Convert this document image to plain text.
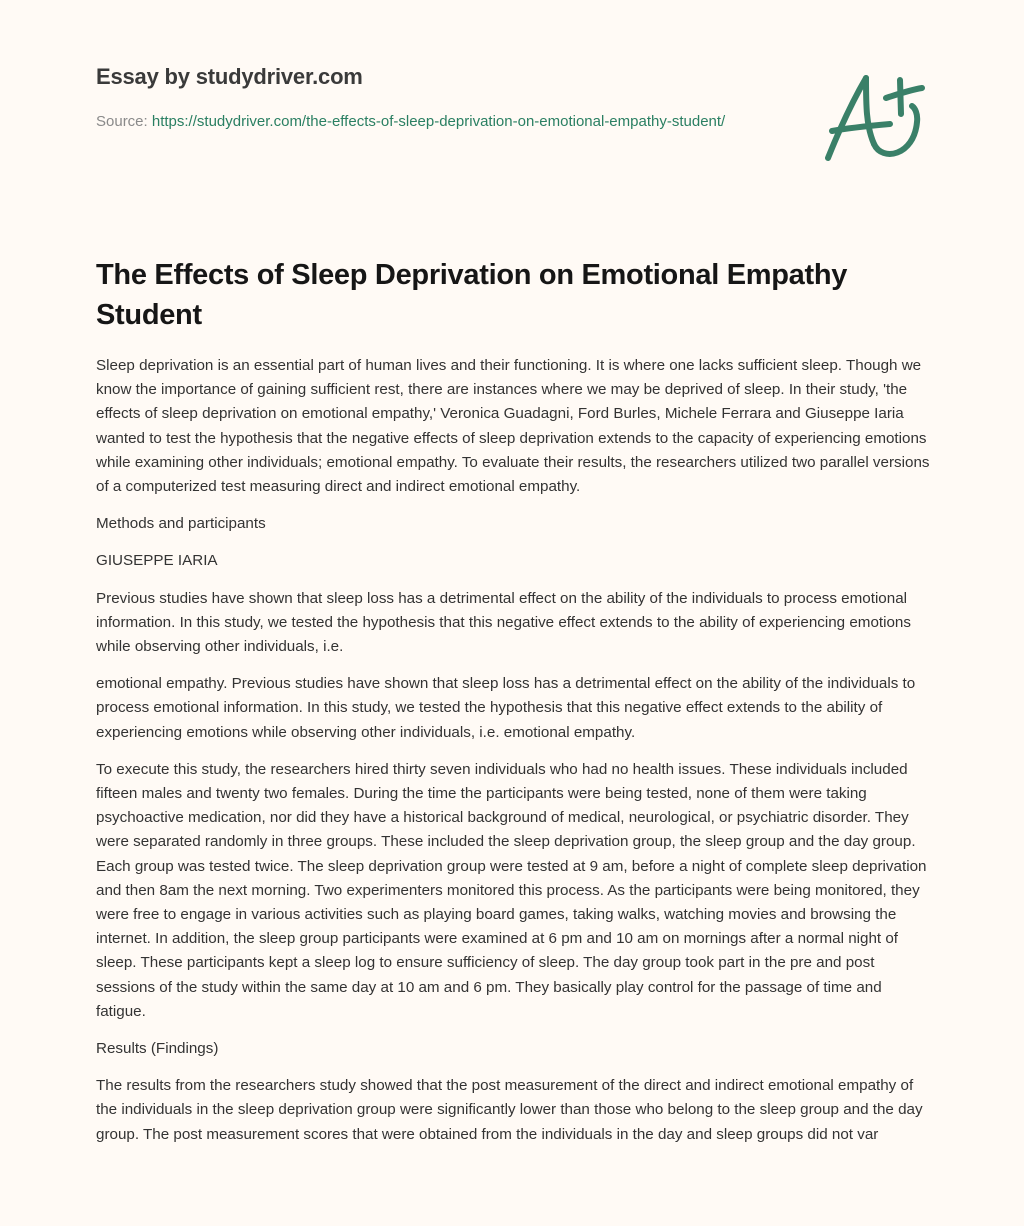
Essay by studydriver.com
Source: https://studydriver.com/the-effects-of-sleep-deprivation-on-emotional-empathy-student/
The Effects of Sleep Deprivation on Emotional Empathy Student

Sleep deprivation is an essential part of human lives and their functioning. It is where one lacks sufficient sleep. Though we know the importance of gaining sufficient rest, there are instances where we may be deprived of sleep. In their study, 'the effects of sleep deprivation on emotional empathy,' Veronica Guadagni, Ford Burles, Michele Ferrara and Giuseppe Iaria wanted to test the hypothesis that the negative effects of sleep deprivation extends to the capacity of experiencing emotions while examining other individuals; emotional empathy. To evaluate their results, the researchers utilized two parallel versions of a computerized test measuring direct and indirect emotional empathy.

Methods and participants

GIUSEPPE IARIA

Previous studies have shown that sleep loss has a detrimental effect on the ability of the individuals to process emotional information. In this study, we tested the hypothesis that this negative effect extends to the ability of experiencing emotions while observing other individuals, i.e.

emotional empathy. Previous studies have shown that sleep loss has a detrimental effect on the ability of the individuals to process emotional information. In this study, we tested the hypothesis that this negative effect extends to the ability of experiencing emotions while observing other individuals, i.e. emotional empathy.

To execute this study, the researchers hired thirty seven individuals who had no health issues. These individuals included fifteen males and twenty two females. During the time the participants were being tested, none of them were taking psychoactive medication, nor did they have a historical background of medical, neurological, or psychiatric disorder. They were separated randomly in three groups. These included the sleep deprivation group, the sleep group and the day group. Each group was tested twice. The sleep deprivation group were tested at 9 am, before a night of complete sleep deprivation and then 8am the next morning. Two experimenters monitored this process. As the participants were being monitored, they were free to engage in various activities such as playing board games, taking walks, watching movies and browsing the internet. In addition, the sleep group participants were examined at 6 pm and 10 am on mornings after a normal night of sleep. These participants kept a sleep log to ensure sufficiency of sleep. The day group took part in the pre and post sessions of the study within the same day at 10 am and 6 pm. They basically play control for the passage of time and fatigue.

Results (Findings)

The results from the researchers study showed that the post measurement of the direct and indirect emotional empathy of the individuals in the sleep deprivation group were significantly lower than those who belong to the sleep group and the day group. The post measurement scores that were obtained from the individuals in the day and sleep groups did not var
